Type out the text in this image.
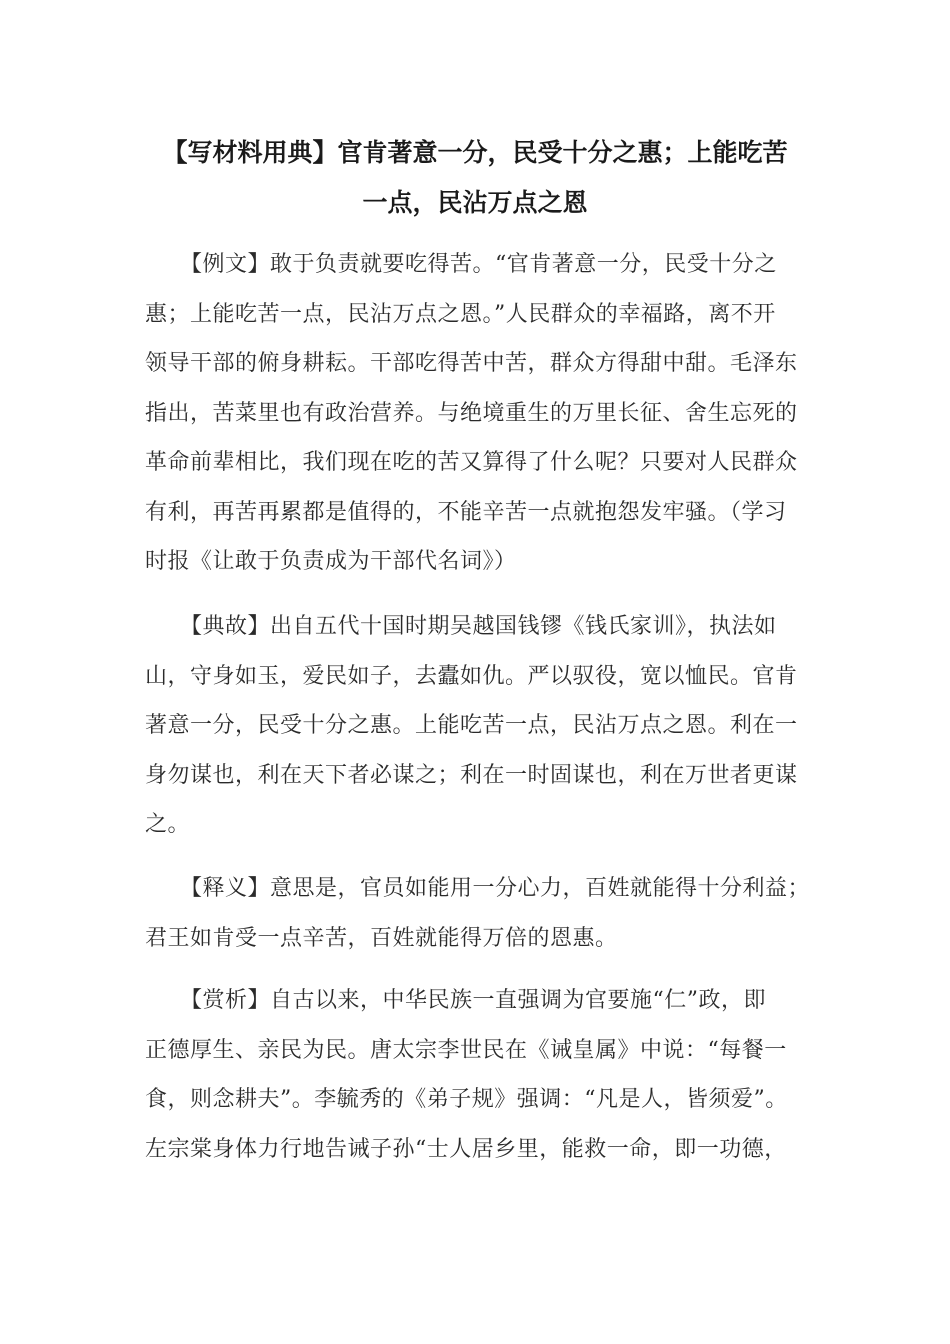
【写材料用典】官肯著意一分，民受十分之惠；上能吃苦
一点，民沾万点之恩

【例文】敢于负责就要吃得苦。“官肯著意一分，民受十分之
惠；上能吃苦一点，民沾万点之恩。”人民群众的幸福路，离不开
领导干部的俯身耕耘。干部吃得苦中苦，群众方得甜中甜。毛泽东
指出，苦菜里也有政治营养。与绝境重生的万里长征、舍生忘死的
革命前辈相比，我们现在吃的苦又算得了什么呢？只要对人民群众
有利，再苦再累都是值得的，不能辛苦一点就抱怨发牢骚。（学习
时报《让敢于负责成为干部代名词》）

【典故】出自五代十国时期吴越国钱镠《钱氏家训》，执法如
山，守身如玉，爱民如子，去蠹如仇。严以驭役，宽以恤民。官肯
著意一分，民受十分之惠。上能吃苦一点，民沾万点之恩。利在一
身勿谋也，利在天下者必谋之；利在一时固谋也，利在万世者更谋
之。

【释义】意思是，官员如能用一分心力，百姓就能得十分利益；
君王如肯受一点辛苦，百姓就能得万倍的恩惠。

【赏析】自古以来，中华民族一直强调为官要施“仁”政，即
正德厚生、亲民为民。唐太宗李世民在《诫皇属》中说：“每餐一
食，则念耕夫”。李毓秀的《弟子规》强调：“凡是人，皆须爱”。
左宗棠身体力行地告诫子孙“士人居乡里，能救一命，即一功德，
